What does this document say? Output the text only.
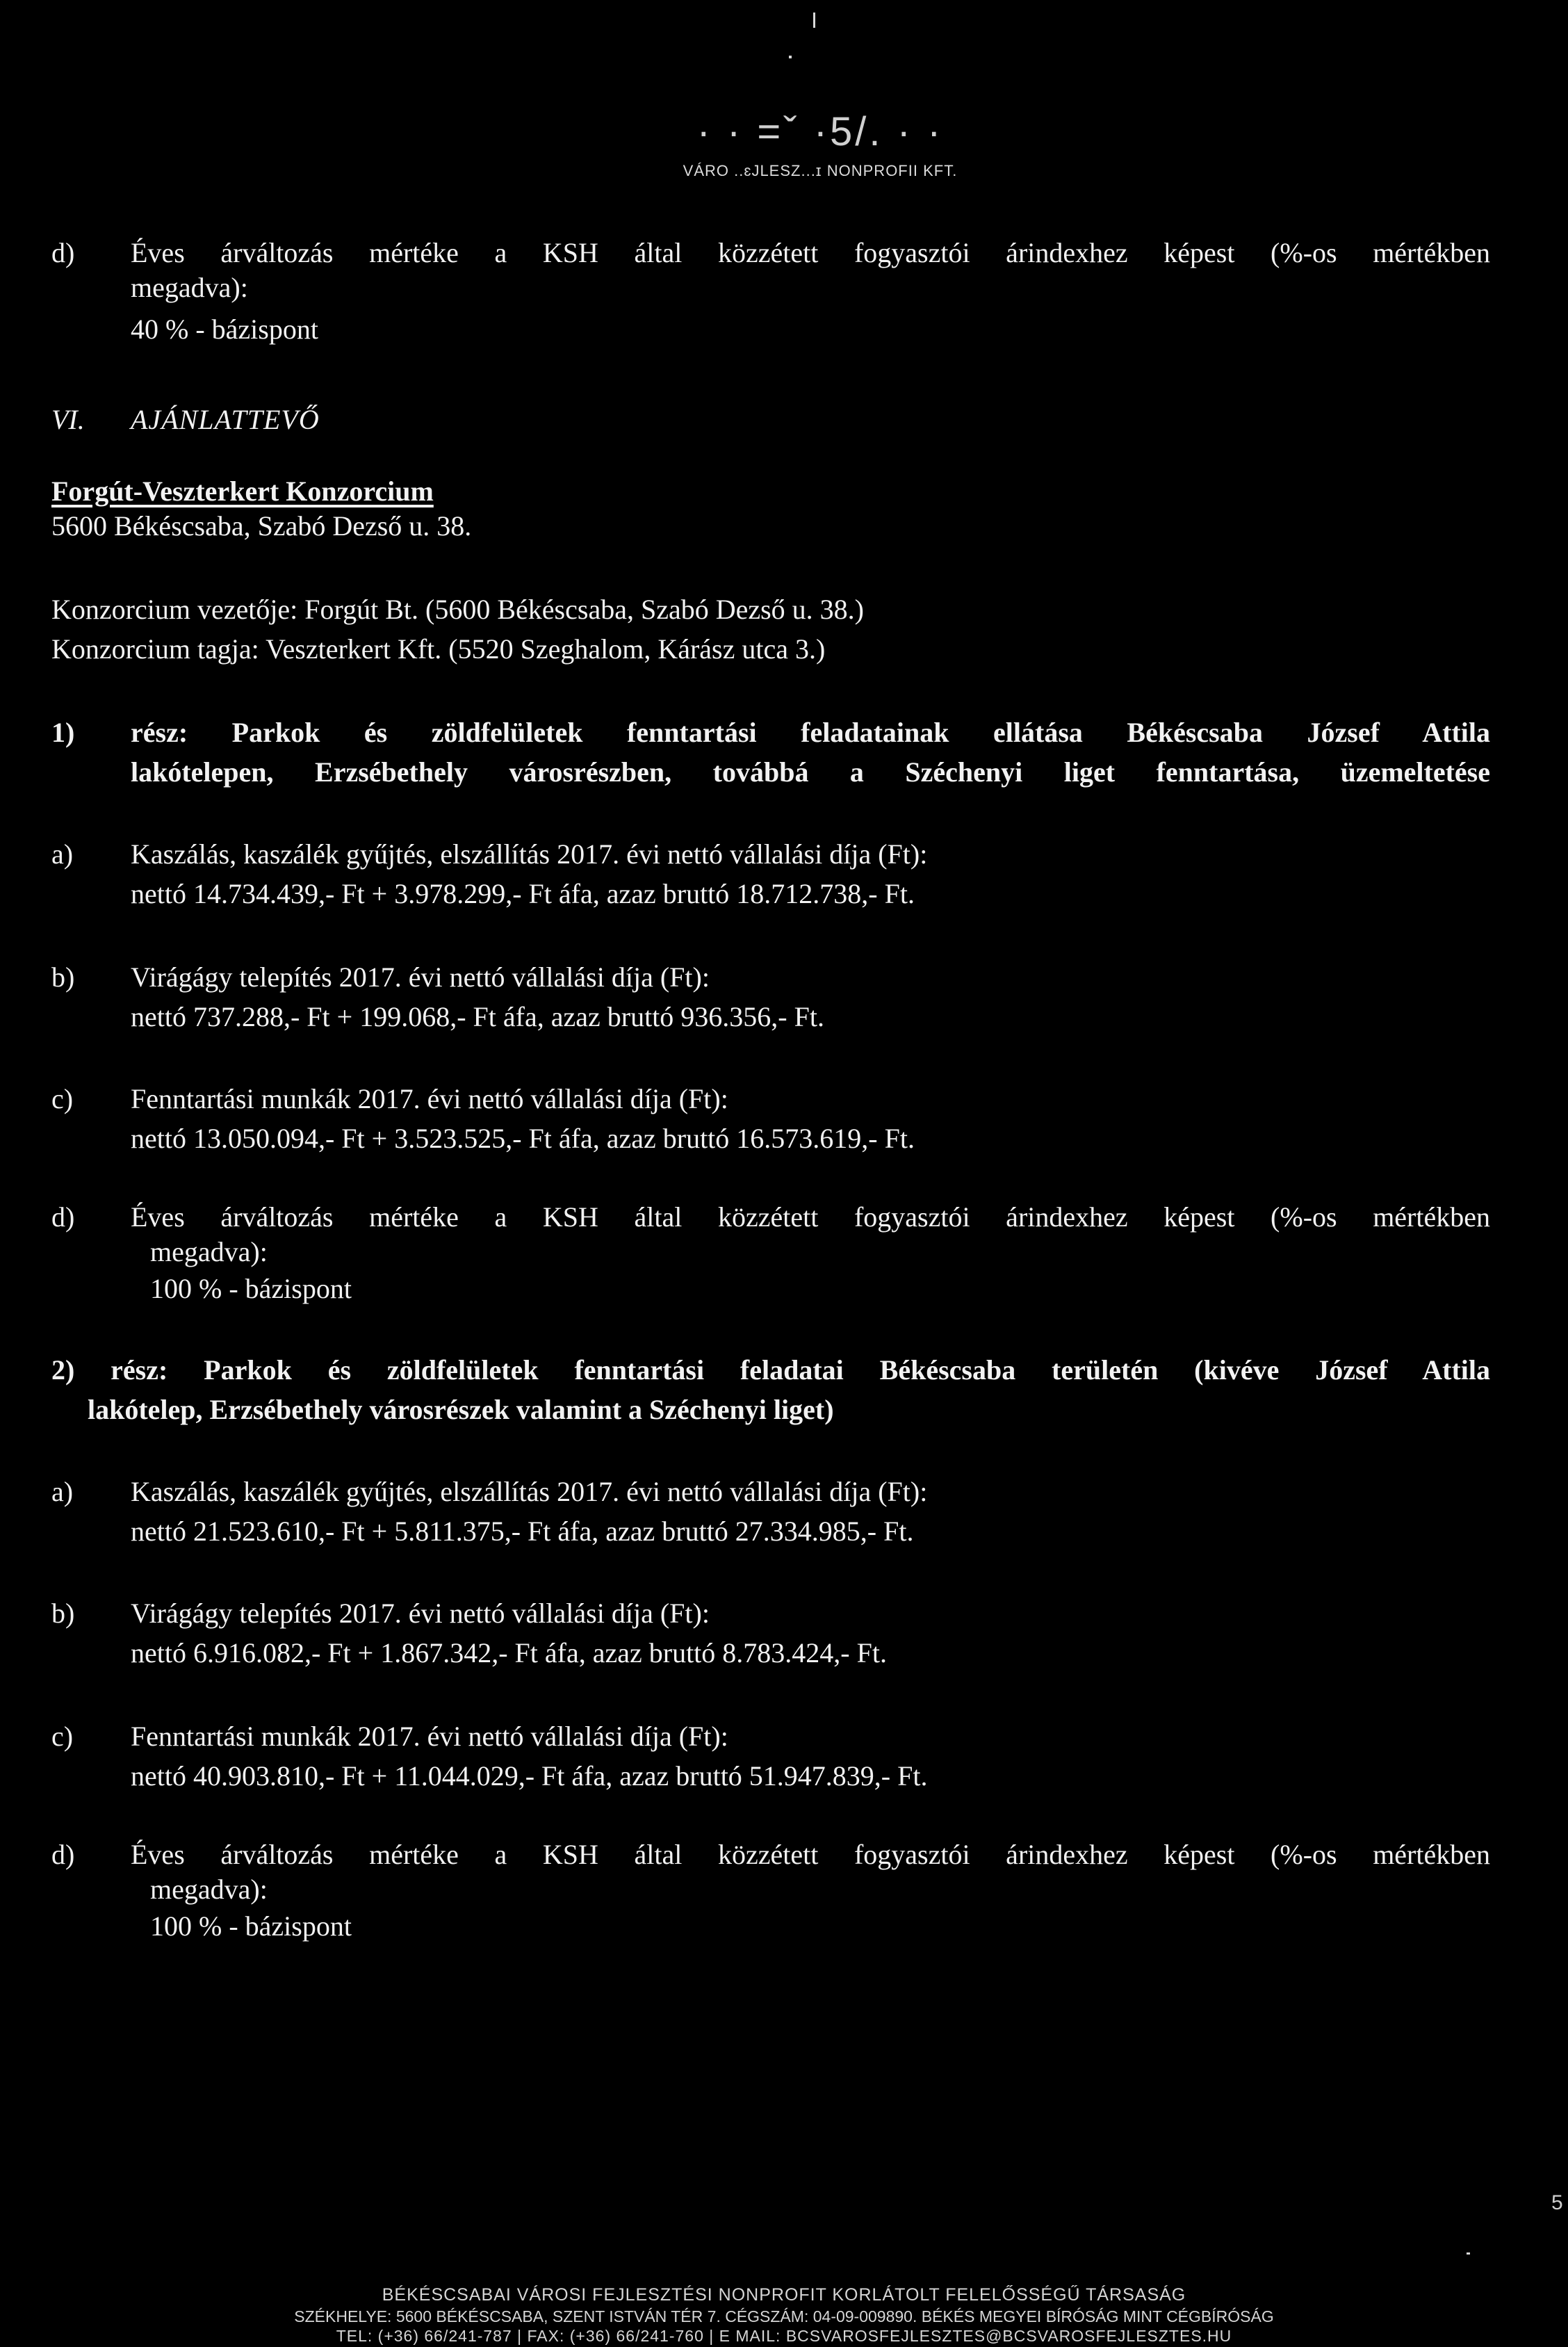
· · =ˇ ·5/. · ·
VÁRO ..ɛJLESZ...ɪ NONPROFII KFT.
d) Éves árváltozás mértéke a KSH által közzétett fogyasztói árindexhez képest (%-os mértékben
megadva):
40 % - bázispont
VI. AJÁNLATTEVŐ
Forgút-Veszterkert Konzorcium
5600 Békéscsaba, Szabó Dezső u. 38.
Konzorcium vezetője: Forgút Bt. (5600 Békéscsaba, Szabó Dezső u. 38.)
Konzorcium tagja: Veszterkert Kft. (5520 Szeghalom, Kárász utca 3.)
1) rész: Parkok és zöldfelületek fenntartási feladatainak ellátása Békéscsaba József Attila
lakótelepen, Erzsébethely városrészben, továbbá a Széchenyi liget fenntartása, üzemeltetése
a) Kaszálás, kaszálék gyűjtés, elszállítás 2017. évi nettó vállalási díja (Ft):
nettó 14.734.439,- Ft + 3.978.299,- Ft áfa, azaz bruttó 18.712.738,- Ft.
b) Virágágy telepítés 2017. évi nettó vállalási díja (Ft):
nettó 737.288,- Ft + 199.068,- Ft áfa, azaz bruttó 936.356,- Ft.
c) Fenntartási munkák 2017. évi nettó vállalási díja (Ft):
nettó 13.050.094,- Ft + 3.523.525,- Ft áfa, azaz bruttó 16.573.619,- Ft.
d) Éves árváltozás mértéke a KSH által közzétett fogyasztói árindexhez képest (%-os mértékben
megadva):
100 % - bázispont
2) rész: Parkok és zöldfelületek fenntartási feladatai Békéscsaba területén (kivéve József Attila
lakótelep, Erzsébethely városrészek valamint a Széchenyi liget)
a) Kaszálás, kaszálék gyűjtés, elszállítás 2017. évi nettó vállalási díja (Ft):
nettó 21.523.610,- Ft + 5.811.375,- Ft áfa, azaz bruttó 27.334.985,- Ft.
b) Virágágy telepítés 2017. évi nettó vállalási díja (Ft):
nettó 6.916.082,- Ft + 1.867.342,- Ft áfa, azaz bruttó 8.783.424,- Ft.
c) Fenntartási munkák 2017. évi nettó vállalási díja (Ft):
nettó 40.903.810,- Ft + 11.044.029,- Ft áfa, azaz bruttó 51.947.839,- Ft.
d) Éves árváltozás mértéke a KSH által közzétett fogyasztói árindexhez képest (%-os mértékben
megadva):
100 % - bázispont
5
BÉKÉSCSABAI VÁROSI FEJLESZTÉSI NONPROFIT KORLÁTOLT FELELŐSSÉGŰ TÁRSASÁG
SZÉKHELYE: 5600 BÉKÉSCSABA, SZENT ISTVÁN TÉR 7. CÉGSZÁM: 04-09-009890. BÉKÉS MEGYEI BÍRÓSÁG MINT CÉGBÍRÓSÁG
TEL: (+36) 66/241-787 | FAX: (+36) 66/241-760 | E MAIL: BCSVAROSFEJLESZTES@BCSVAROSFEJLESZTES.HU
